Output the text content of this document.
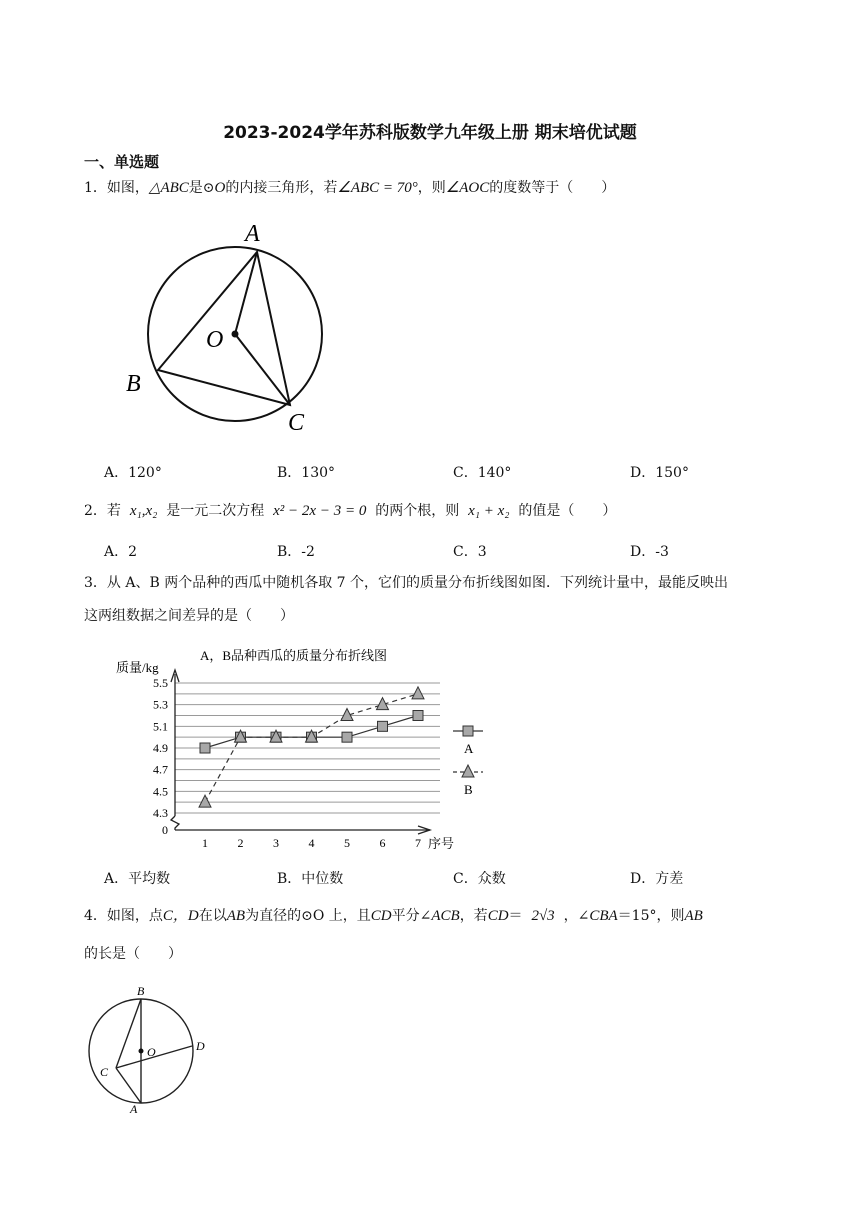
2023-2024学年苏科版数学九年级上册 期末培优试题
一、单选题
1．如图，△ABC是⊙O的内接三角形，若∠ABC = 70°，则∠AOC的度数等于（　　）
A
B
C
O
A．120°	B．130°	C．140°	D．150°
2．若 x₁,x₂ 是一元二次方程 x² − 2x − 3 = 0 的两个根，则 x₁ + x₂ 的值是（　　）
A．2	B．-2	C．3	D．-3
3．从 A、B 两个品种的西瓜中随机各取 7 个，它们的质量分布折线图如图．下列统计量中，最能反映出
这两组数据之间差异的是（　　）
0
4.3
4.5
4.7
4.9
5.1
5.3
5.5
1 2 3 4 5 6 7
A
B
A，B品种西瓜的质量分布折线图
质量/kg
序号
A．平均数	B．中位数	C．众数	D．方差
4．如图，点C，D在以AB为直径的⊙O 上，且CD平分∠ACB，若CD＝ 2√3 ，∠CBA＝15°，则AB
的长是（　　）
B
O	D
C
A
